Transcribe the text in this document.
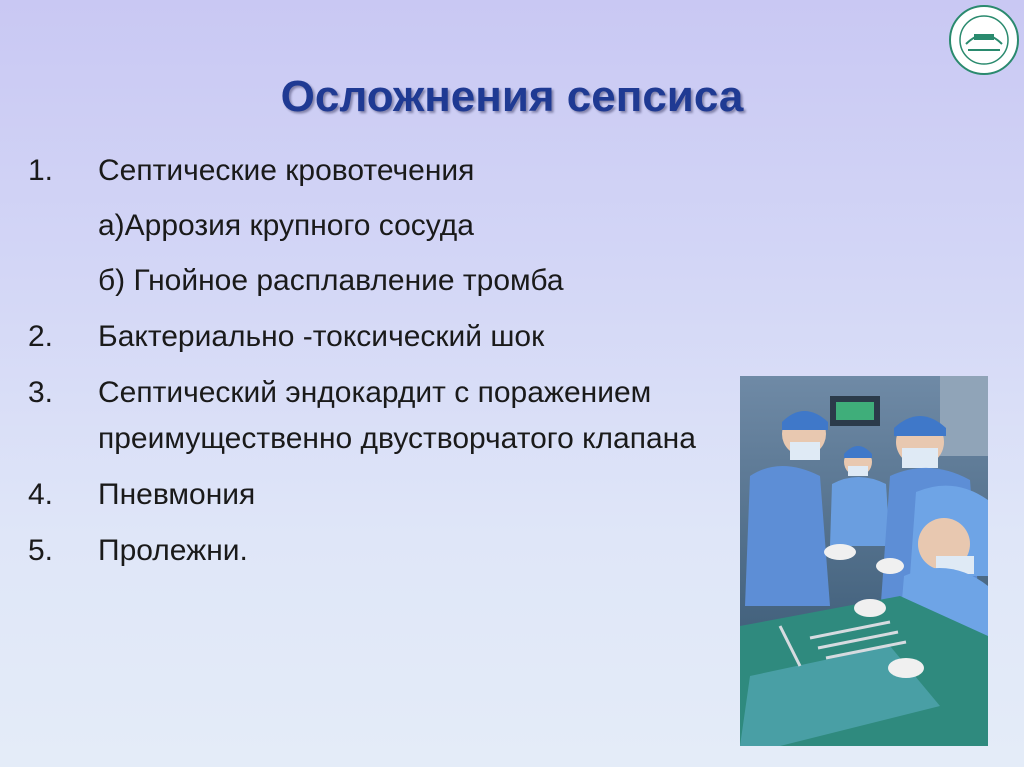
Осложнения сепсиса
1. Септические кровотечения
а)Аррозия крупного сосуда
б) Гнойное расплавление тромба
2. Бактериально -токсический шок
3. Септический эндокардит с поражением
преимущественно двустворчатого клапана
4. Пневмония
5. Пролежни.
